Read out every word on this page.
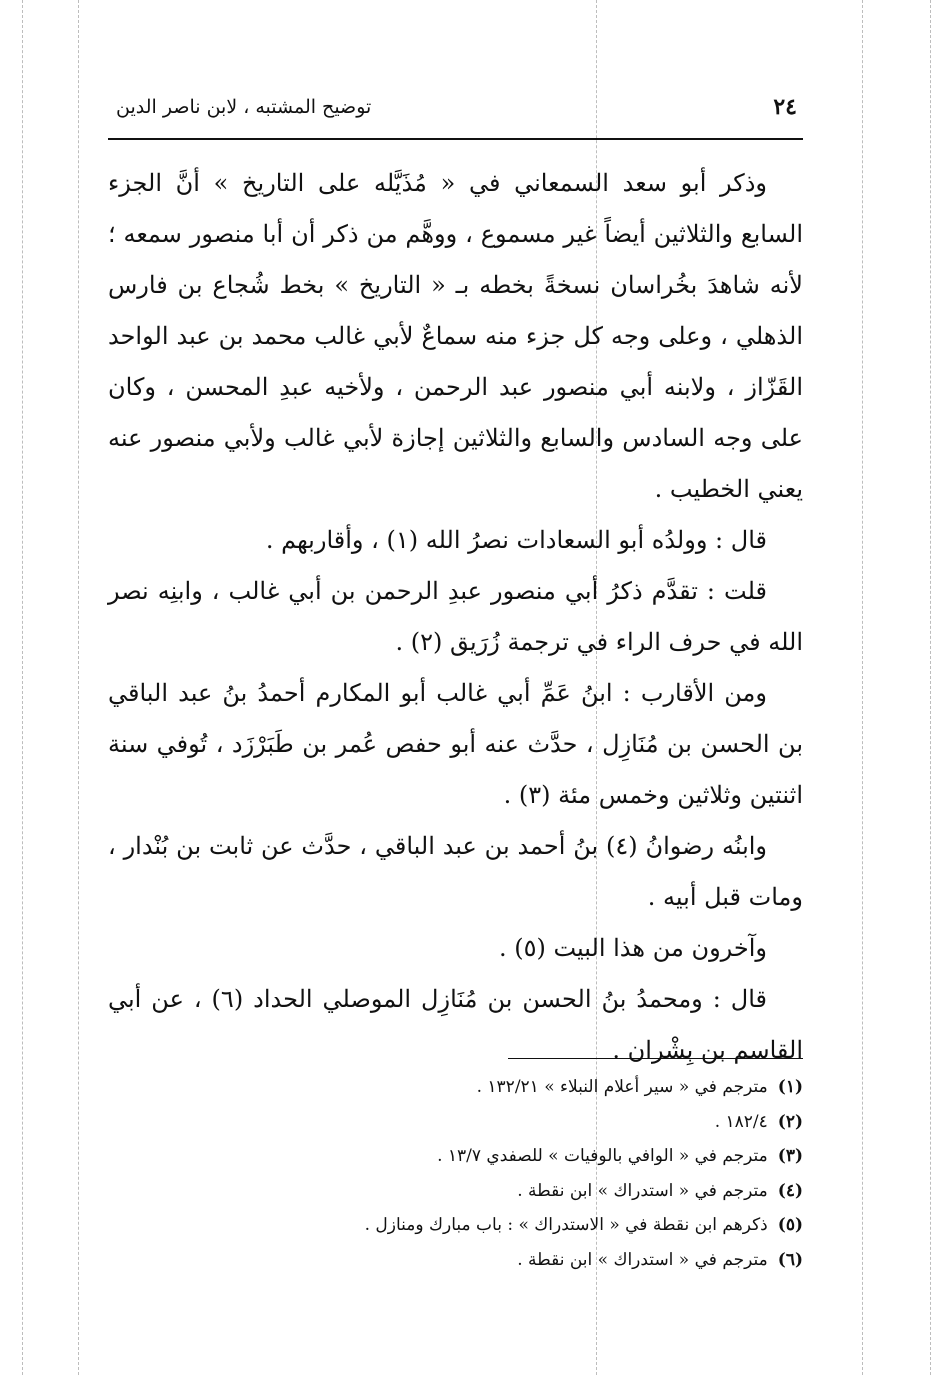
٢٤
توضيح المشتبه ، لابن ناصر الدين

وذكر أبو سعد السمعاني في « مُذَيَّله على التاريخ » أنَّ الجزء السابع والثلاثين أيضاً غير مسموع ، ووهَّم من ذكر أن أبا منصور سمعه ؛ لأنه شاهدَ بخُراسان نسخةً بخطه بـ « التاريخ » بخط شُجاع بن فارس الذهلي ، وعلى وجه كل جزء منه سماعٌ لأبي غالب محمد بن عبد الواحد القَزّاز ، ولابنه أبي منصور عبد الرحمن ، ولأخيه عبدِ المحسن ، وكان على وجه السادس والسابع والثلاثين إجازة لأبي غالب ولأبي منصور عنه يعني الخطيب .

قال : وولدُه أبو السعادات نصرُ الله (١) ، وأقاربهم .

قلت : تقدَّم ذكرُ أبي منصور عبدِ الرحمن بن أبي غالب ، وابنِه نصر الله في حرف الراء في ترجمة زُرَيق (٢) .

ومن الأقارب : ابنُ عَمِّ أبي غالب أبو المكارم أحمدُ بنُ عبد الباقي بن الحسن بن مُنَازِل ، حدَّث عنه أبو حفص عُمر بن طَبَرْزَد ، تُوفي سنة اثنتين وثلاثين وخمس مئة (٣) .

وابنُه رضوانُ (٤) بنُ أحمد بن عبد الباقي ، حدَّث عن ثابت بن بُنْدار ، ومات قبل أبيه .

وآخرون من هذا البيت (٥) .

قال : ومحمدُ بنُ الحسن بن مُنَازِل الموصلي الحداد (٦) ، عن أبي القاسم بن بِشْران .

(١)مترجم في « سير أعلام النبلاء » ١٣٢/٢١ .
(٢)١٨٢/٤ .
(٣)مترجم في « الوافي بالوفيات » للصفدي ١٣/٧ .
(٤)مترجم في « استدراك » ابن نقطة .
(٥)ذكرهم ابن نقطة في « الاستدراك » : باب مبارك ومنازل .
(٦)مترجم في « استدراك » ابن نقطة .
